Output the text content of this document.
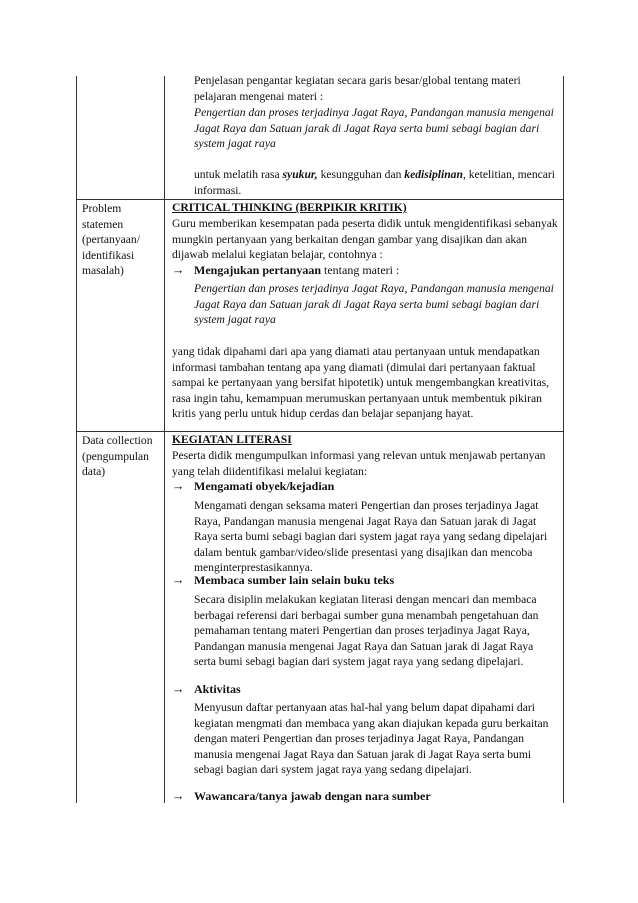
Penjelasan pengantar kegiatan secara garis besar/global tentang materi pelajaran mengenai materi :
Pengertian dan proses terjadinya Jagat Raya, Pandangan manusia mengenai Jagat Raya dan Satuan jarak di Jagat Raya serta bumi sebagi bagian dari system jagat raya
untuk melatih rasa syukur, kesungguhan dan kedisiplinan, ketelitian, mencari informasi.
Problem statemen (pertanyaan/ identifikasi masalah)
CRITICAL THINKING (BERPIKIR KRITIK)
Guru memberikan kesempatan pada peserta didik untuk mengidentifikasi sebanyak mungkin pertanyaan yang berkaitan dengan gambar yang disajikan dan akan dijawab melalui kegiatan belajar, contohnya :
→ Mengajukan pertanyaan tentang materi :
Pengertian dan proses terjadinya Jagat Raya, Pandangan manusia mengenai Jagat Raya dan Satuan jarak di Jagat Raya serta bumi sebagi bagian dari system jagat raya
yang tidak dipahami dari apa yang diamati atau pertanyaan untuk mendapatkan informasi tambahan tentang apa yang diamati (dimulai dari pertanyaan faktual sampai ke pertanyaan yang bersifat hipotetik) untuk mengembangkan kreativitas, rasa ingin tahu, kemampuan merumuskan pertanyaan untuk membentuk pikiran kritis yang perlu untuk hidup cerdas dan belajar sepanjang hayat.
Data collection (pengumpulan data)
KEGIATAN LITERASI
Peserta didik mengumpulkan informasi yang relevan untuk menjawab pertanyan yang telah diidentifikasi melalui kegiatan:
→ Mengamati obyek/kejadian
Mengamati dengan seksama materi Pengertian dan proses terjadinya Jagat Raya, Pandangan manusia mengenai Jagat Raya dan Satuan jarak di Jagat Raya serta bumi sebagi bagian dari system jagat raya yang sedang dipelajari dalam bentuk gambar/video/slide presentasi yang disajikan dan mencoba menginterprestasikannya.
→ Membaca sumber lain selain buku teks
Secara disiplin melakukan kegiatan literasi dengan mencari dan membaca berbagai referensi dari berbagai sumber guna menambah pengetahuan dan pemahaman tentang materi Pengertian dan proses terjadinya Jagat Raya, Pandangan manusia mengenai Jagat Raya dan Satuan jarak di Jagat Raya serta bumi sebagi bagian dari system jagat raya yang sedang dipelajari.
→ Aktivitas
Menyusun daftar pertanyaan atas hal-hal yang belum dapat dipahami dari kegiatan mengmati dan membaca yang akan diajukan kepada guru berkaitan dengan materi Pengertian dan proses terjadinya Jagat Raya, Pandangan manusia mengenai Jagat Raya dan Satuan jarak di Jagat Raya serta bumi sebagi bagian dari system jagat raya yang sedang dipelajari.
→ Wawancara/tanya jawab dengan nara sumber
